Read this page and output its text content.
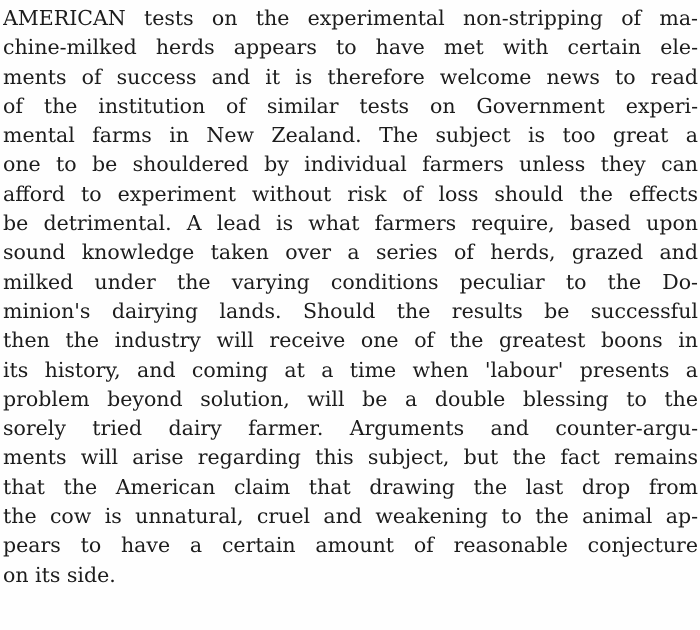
AMERICAN tests on the experimental non-stripping of ma-
chine-milked herds appears to have met with certain ele-
ments of success and it is therefore welcome news to read
of the institution of similar tests on Government experi-
mental farms in New Zealand. The subject is too great a
one to be shouldered by individual farmers unless they can
afford to experiment without risk of loss should the effects
be detrimental. A lead is what farmers require, based upon
sound knowledge taken over a series of herds, grazed and
milked under the varying conditions peculiar to the Do-
minion's dairying lands. Should the results be successful
then the industry will receive one of the greatest boons in
its history, and coming at a time when 'labour' presents a
problem beyond solution, will be a double blessing to the
sorely tried dairy farmer. Arguments and counter-argu-
ments will arise regarding this subject, but the fact remains
that the American claim that drawing the last drop from
the cow is unnatural, cruel and weakening to the animal ap-
pears to have a certain amount of reasonable conjecture
on its side.
